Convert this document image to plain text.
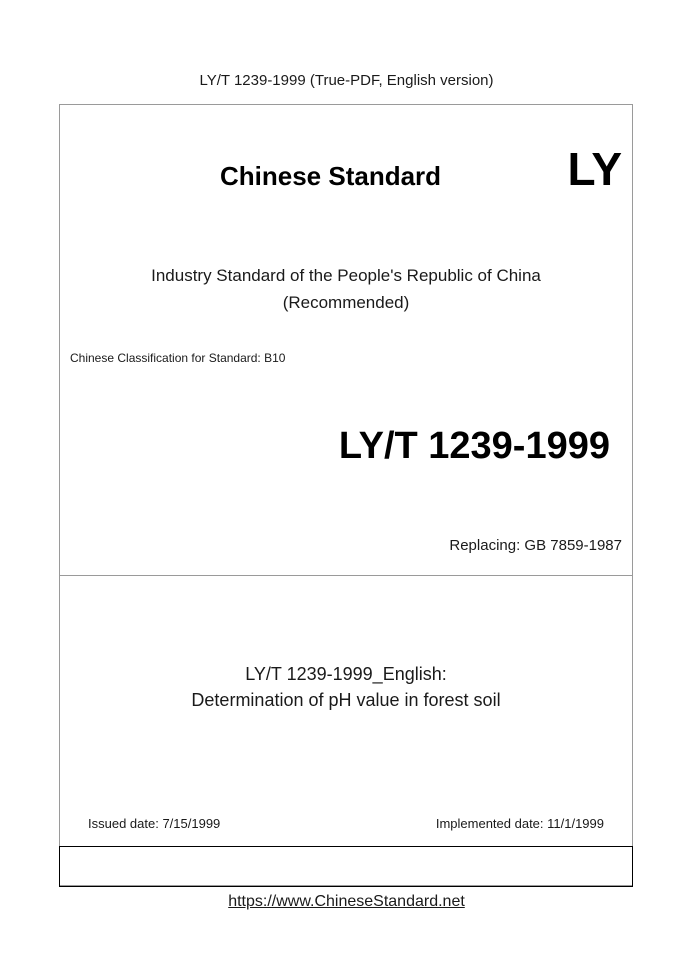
LY/T 1239-1999 (True-PDF, English version)
Chinese Standard	LY
Industry Standard of the People's Republic of China
(Recommended)
Chinese Classification for Standard: B10
LY/T 1239-1999
Replacing: GB 7859-1987
LY/T 1239-1999_English:
Determination of pH value in forest soil
Issued date: 7/15/1999	Implemented date: 11/1/1999
https://www.ChineseStandard.net
